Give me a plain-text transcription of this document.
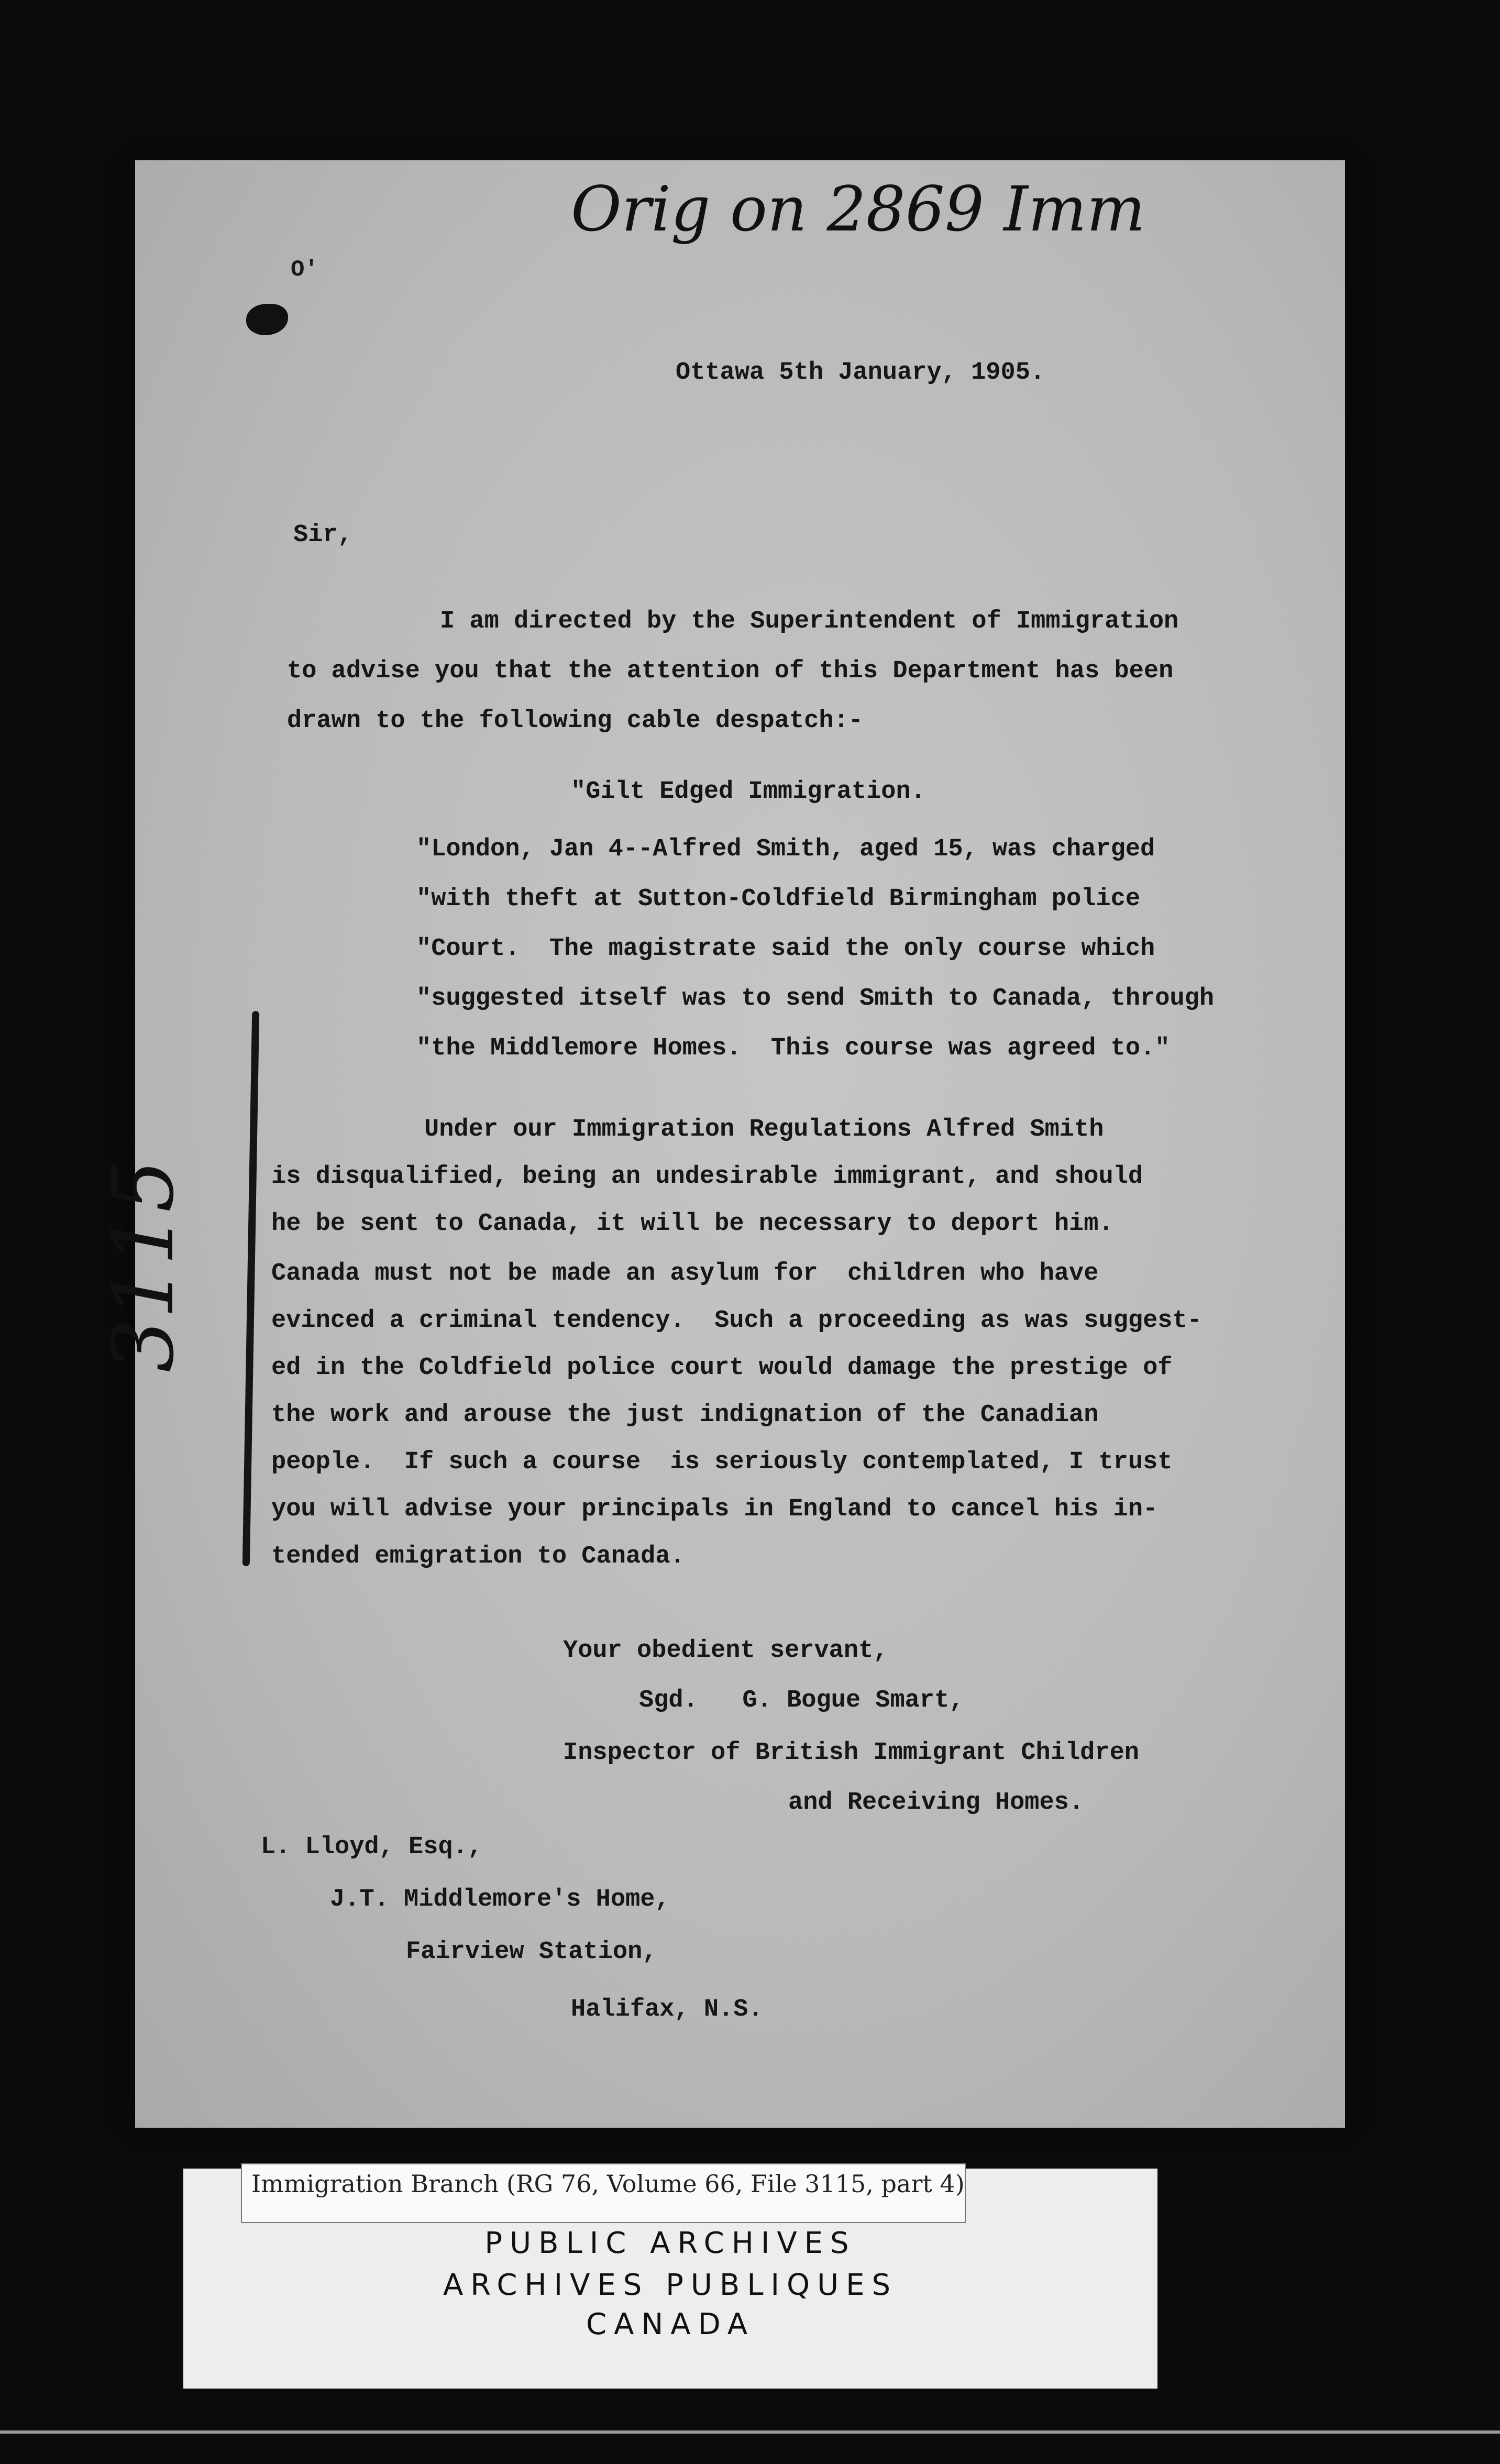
Orig on 2869 Imm
O'

Ottawa 5th January, 1905.

Sir,

I am directed by the Superintendent of Immigration

to advise you that the attention of this Department has been

drawn to the following cable despatch:-

"Gilt Edged Immigration.

"London, Jan 4--Alfred Smith, aged 15, was charged

"with theft at Sutton-Coldfield Birmingham police

"Court.  The magistrate said the only course which

"suggested itself was to send Smith to Canada, through

"the Middlemore Homes.  This course was agreed to."

3115

Under our Immigration Regulations Alfred Smith

is disqualified, being an undesirable immigrant, and should

he be sent to Canada, it will be necessary to deport him.

Canada must not be made an asylum for  children who have

evinced a criminal tendency.  Such a proceeding as was suggest-

ed in the Coldfield police court would damage the prestige of

the work and arouse the just indignation of the Canadian

people.  If such a course  is seriously contemplated, I trust

you will advise your principals in England to cancel his in-

tended emigration to Canada.

Your obedient servant,

Sgd.   G. Bogue Smart,

Inspector of British Immigrant Children

and Receiving Homes.

L. Lloyd, Esq.,

J.T. Middlemore's Home,

Fairview Station,

Halifax, N.S.

Immigration Branch (RG 76, Volume 66, File 3115, part 4)
PUBLIC ARCHIVES
ARCHIVES PUBLIQUES
CANADA
